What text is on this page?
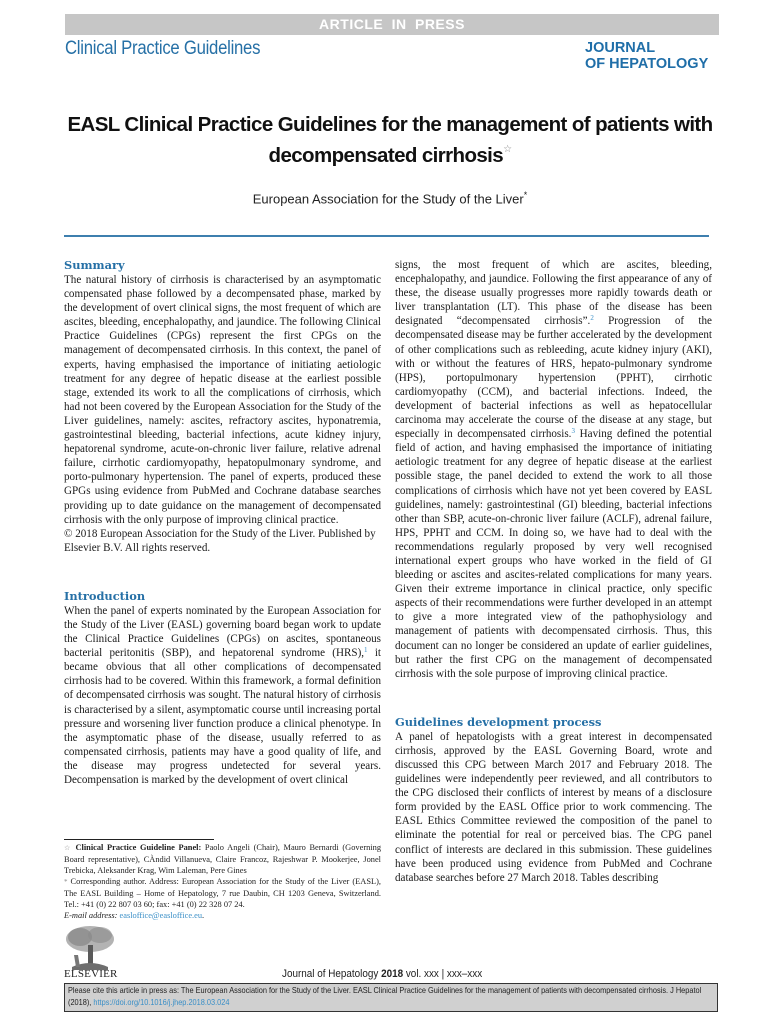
ARTICLE IN PRESS
Clinical Practice Guidelines	JOURNAL
OF HEPATOLOGY
EASL Clinical Practice Guidelines for the management of patients with
decompensated cirrhosis☆
European Association for the Study of the Liver*
Summary

The natural history of cirrhosis is characterised by an asymptomatic compensated phase followed by a decompensated phase, marked by the development of overt clinical signs, the most frequent of which are ascites, bleeding, encephalopathy, and jaundice. The following Clinical Practice Guidelines (CPGs) represent the first CPGs on the management of decompensated cirrhosis. In this context, the panel of experts, having emphasised the importance of initiating aetiologic treatment for any degree of hepatic disease at the earliest possible stage, extended its work to all the complications of cirrhosis, which had not been covered by the European Association for the Study of the Liver guidelines, namely: ascites, refractory ascites, hyponatremia, gastrointestinal bleeding, bacterial infections, acute kidney injury, hepatorenal syndrome, acute-on-chronic liver failure, relative adrenal failure, cirrhotic cardiomyopathy, hepatopulmonary syndrome, and porto-pulmonary hypertension. The panel of experts, produced these GPGs using evidence from PubMed and Cochrane database searches providing up to date guidance on the management of decompensated cirrhosis with the only purpose of improving clinical practice.

© 2018 European Association for the Study of the Liver. Published by Elsevier B.V. All rights reserved.

Introduction

When the panel of experts nominated by the European Association for the Study of the Liver (EASL) governing board began work to update the Clinical Practice Guidelines (CPGs) on ascites, spontaneous bacterial peritonitis (SBP), and hepatorenal syndrome (HRS),$^1$ it became obvious that all other complications of decompensated cirrhosis had to be covered. Within this framework, a formal definition of decompensated cirrhosis was sought. The natural history of cirrhosis is characterised by a silent, asymptomatic course until increasing portal pressure and worsening liver function produce a clinical phenotype. In the asymptomatic phase of the disease, usually referred to as compensated cirrhosis, patients may have a good quality of life, and the disease may progress undetected for several years. Decompensation is marked by the development of overt clinical

signs, the most frequent of which are ascites, bleeding, encephalopathy, and jaundice. Following the first appearance of any of these, the disease usually progresses more rapidly towards death or liver transplantation (LT). This phase of the disease has been designated “decompensated cirrhosis”.$^2$ Progression of the decompensated disease may be further accelerated by the development of other complications such as rebleeding, acute kidney injury (AKI), with or without the features of HRS, hepato-pulmonary syndrome (HPS), portopulmonary hypertension (PPHT), cirrhotic cardiomyopathy (CCM), and bacterial infections. Indeed, the development of bacterial infections as well as hepatocellular carcinoma may accelerate the course of the disease at any stage, but especially in decompensated cirrhosis.$^3$ Having defined the potential field of action, and having emphasised the importance of initiating aetiologic treatment for any degree of hepatic disease at the earliest possible stage, the panel decided to extend the work to all those complications of cirrhosis which have not yet been covered by EASL guidelines, namely: gastrointestinal (GI) bleeding, bacterial infections other than SBP, acute-on-chronic liver failure (ACLF), adrenal failure, HPS, PPHT and CCM. In doing so, we have had to deal with the recommendations regularly proposed by very well recognised international expert groups who have worked in the field of GI bleeding or ascites and ascites-related complications for many years. Given their extreme importance in clinical practice, only specific aspects of their recommendations were further developed in an attempt to give a more integrated view of the pathophysiology and management of patients with decompensated cirrhosis. Thus, this document can no longer be considered an update of earlier guidelines, but rather the first CPG on the management of decompensated cirrhosis with the sole purpose of improving clinical practice.

Guidelines development process

A panel of hepatologists with a great interest in decompensated cirrhosis, approved by the EASL Governing Board, wrote and discussed this CPG between March 2017 and February 2018. The guidelines were independently peer reviewed, and all contributors to the CPG disclosed their conflicts of interest by means of a disclosure form provided by the EASL Office prior to work commencing. The EASL Ethics Committee reviewed the composition of the panel to eliminate the potential for real or perceived bias. The CPG panel conflict of interests are declared in this submission. These guidelines have been produced using evidence from PubMed and Cochrane database searches before 27 March 2018. Tables describing

☆ Clinical Practice Guideline Panel: Paolo Angeli (Chair), Mauro Bernardi (Governing Board representative), CÀndid Villanueva, Claire Francoz, Rajeshwar P. Mookerjee, Jonel Trebicka, Aleksander Krag, Wim Laleman, Pere Gines
* Corresponding author. Address: European Association for the Study of the Liver (EASL), The EASL Building – Home of Hepatology, 7 rue Daubin, CH 1203 Geneva, Switzerland. Tel.: +41 (0) 22 807 03 60; fax: +41 (0) 22 328 07 24.
E-mail address: easloffice@easloffice.eu.
ELSEVIER	Journal of Hepatology 2018 vol. xxx | xxx–xxx
Please cite this article in press as: The European Association for the Study of the Liver. EASL Clinical Practice Guidelines for the management of patients with decompensated cirrhosis. J Hepatol (2018), https://doi.org/10.1016/j.jhep.2018.03.024
